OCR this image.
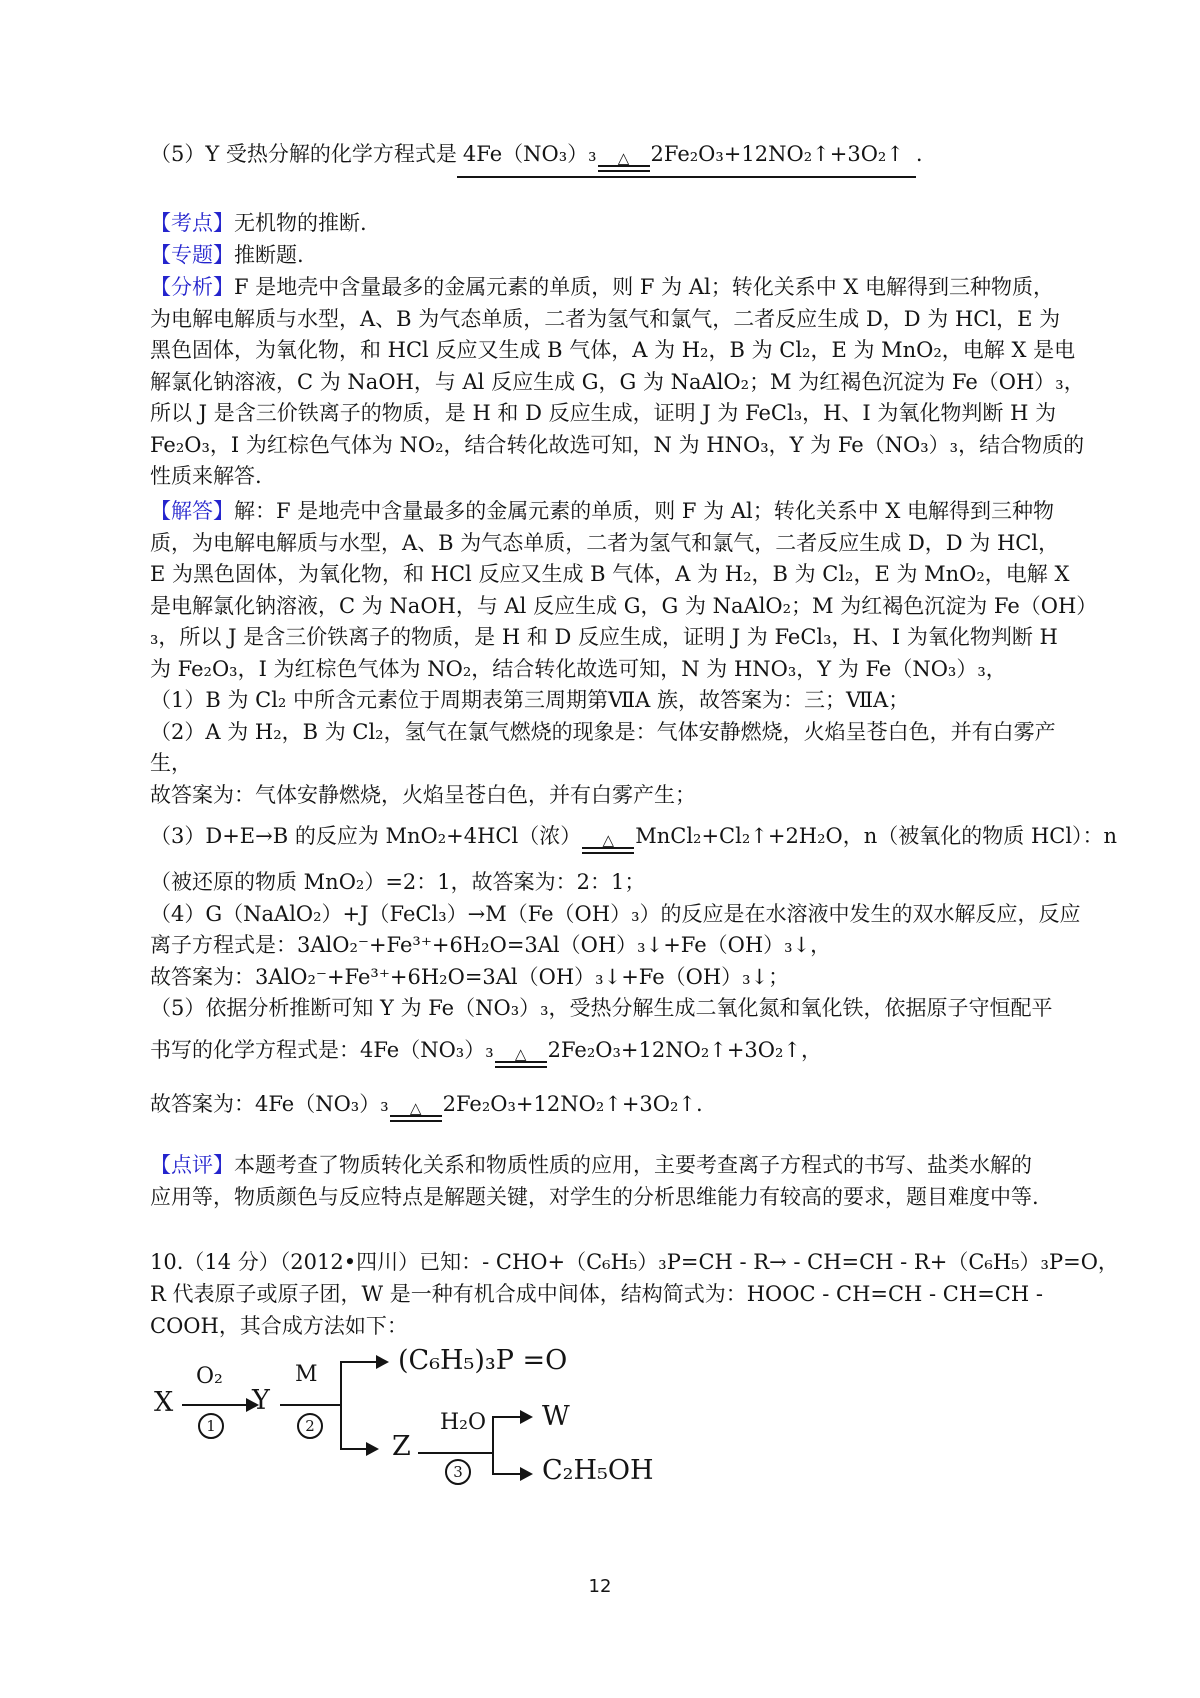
（5）Y 受热分解的化学方程式是 4Fe（NO₃）₃	△	2Fe₂O₃+12NO₂↑+3O₂↑ .
【考点】无机物的推断.
【专题】推断题.
【分析】F 是地壳中含量最多的金属元素的单质，则 F 为 Al；转化关系中 X 电解得到三种物质，
为电解电解质与水型，A、B 为气态单质，二者为氢气和氯气，二者反应生成 D，D 为 HCl，E 为
黑色固体，为氧化物，和 HCl 反应又生成 B 气体，A 为 H₂，B 为 Cl₂，E 为 MnO₂，电解 X 是电
解氯化钠溶液，C 为 NaOH，与 Al 反应生成 G，G 为 NaAlO₂；M 为红褐色沉淀为 Fe（OH）₃，
所以 J 是含三价铁离子的物质，是 H 和 D 反应生成，证明 J 为 FeCl₃，H、I 为氧化物判断 H 为
Fe₂O₃，I 为红棕色气体为 NO₂，结合转化故选可知，N 为 HNO₃，Y 为 Fe（NO₃）₃，结合物质的
性质来解答.
【解答】解：F 是地壳中含量最多的金属元素的单质，则 F 为 Al；转化关系中 X 电解得到三种物
质，为电解电解质与水型，A、B 为气态单质，二者为氢气和氯气，二者反应生成 D，D 为 HCl，
E 为黑色固体，为氧化物，和 HCl 反应又生成 B 气体，A 为 H₂，B 为 Cl₂，E 为 MnO₂，电解 X
是电解氯化钠溶液，C 为 NaOH，与 Al 反应生成 G，G 为 NaAlO₂；M 为红褐色沉淀为 Fe（OH）
₃，所以 J 是含三价铁离子的物质，是 H 和 D 反应生成，证明 J 为 FeCl₃，H、I 为氧化物判断 H
为 Fe₂O₃，I 为红棕色气体为 NO₂，结合转化故选可知，N 为 HNO₃，Y 为 Fe（NO₃）₃，
（1）B 为 Cl₂ 中所含元素位于周期表第三周期第ⅦA 族，故答案为：三；ⅦA；
（2）A 为 H₂，B 为 Cl₂，氢气在氯气燃烧的现象是：气体安静燃烧，火焰呈苍白色，并有白雾产
生，
故答案为：气体安静燃烧，火焰呈苍白色，并有白雾产生；
（3）D+E→B 的反应为 MnO₂+4HCl（浓）	△	MnCl₂+Cl₂↑+2H₂O，n（被氧化的物质 HCl）：n
（被还原的物质 MnO₂）=2：1，故答案为：2：1；
（4）G（NaAlO₂）+J（FeCl₃）→M（Fe（OH）₃）的反应是在水溶液中发生的双水解反应，反应
离子方程式是：3AlO₂⁻+Fe³⁺+6H₂O=3Al（OH）₃↓+Fe（OH）₃↓，
故答案为：3AlO₂⁻+Fe³⁺+6H₂O=3Al（OH）₃↓+Fe（OH）₃↓；
（5）依据分析推断可知 Y 为 Fe（NO₃）₃，受热分解生成二氧化氮和氧化铁，依据原子守恒配平
书写的化学方程式是：4Fe（NO₃）₃	△	2Fe₂O₃+12NO₂↑+3O₂↑，
故答案为：4Fe（NO₃）₃	△	2Fe₂O₃+12NO₂↑+3O₂↑.
【点评】本题考查了物质转化关系和物质性质的应用，主要考查离子方程式的书写、盐类水解的
应用等，物质颜色与反应特点是解题关键，对学生的分析思维能力有较高的要求，题目难度中等.
10.（14 分）（2012•四川）已知：- CHO+（C₆H₅）₃P=CH - R→ - CH=CH - R+（C₆H₅）₃P=O，
R 代表原子或原子团，W 是一种有机合成中间体，结构简式为：HOOC - CH=CH - CH=CH -
COOH，其合成方法如下：
X
O₂
1
Y
M
2
(C₆H₅)₃P =O
Z
H₂O
3
W
C₂H₅OH
12
